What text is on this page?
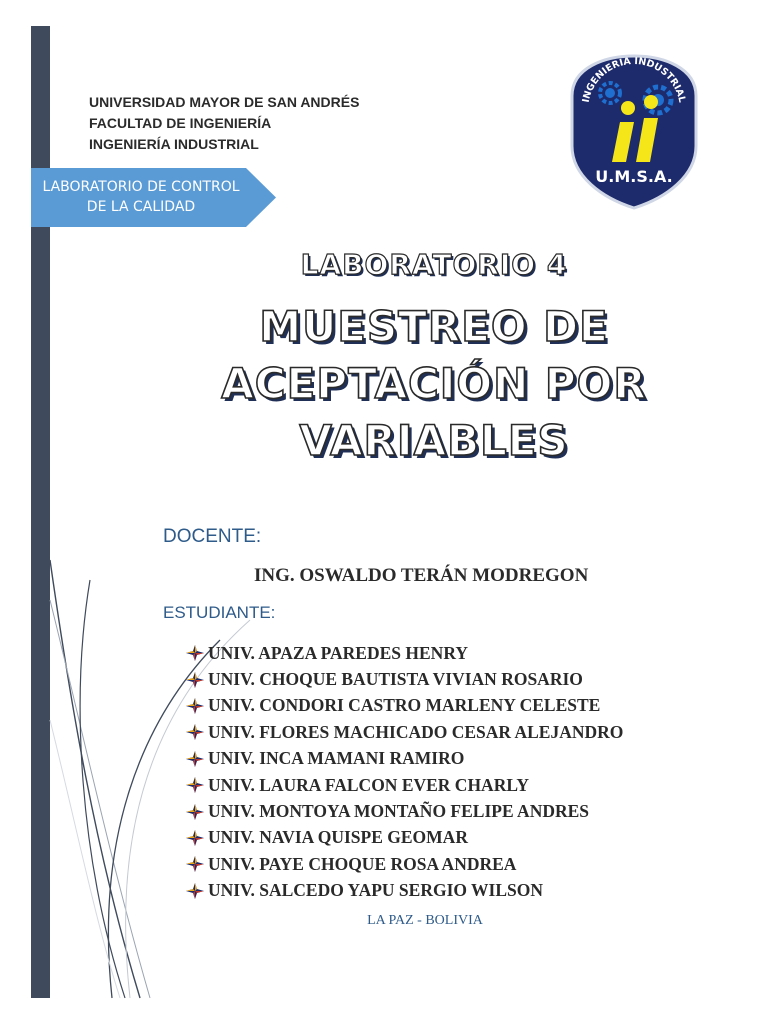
UNIVERSIDAD MAYOR DE SAN ANDRÉS
FACULTAD DE INGENIERÍA
INGENIERÍA INDUSTRIAL
LABORATORIO DE CONTROL
DE LA CALIDAD
INGENIERIA INDUSTRIAL
U.M.S.A.
LABORATORIO 4
MUESTREO DE
ACEPTACIÓN POR
VARIABLES
DOCENTE:
ING. OSWALDO TERÁN MODREGON
ESTUDIANTE:
UNIV. APAZA PAREDES HENRY
UNIV. CHOQUE BAUTISTA VIVIAN ROSARIO
UNIV. CONDORI CASTRO MARLENY CELESTE
UNIV. FLORES MACHICADO CESAR ALEJANDRO
UNIV. INCA MAMANI RAMIRO
UNIV. LAURA FALCON EVER CHARLY
UNIV. MONTOYA MONTAÑO FELIPE ANDRES
UNIV. NAVIA QUISPE GEOMAR
UNIV. PAYE CHOQUE ROSA ANDREA
UNIV. SALCEDO YAPU SERGIO WILSON
LA PAZ - BOLIVIA
